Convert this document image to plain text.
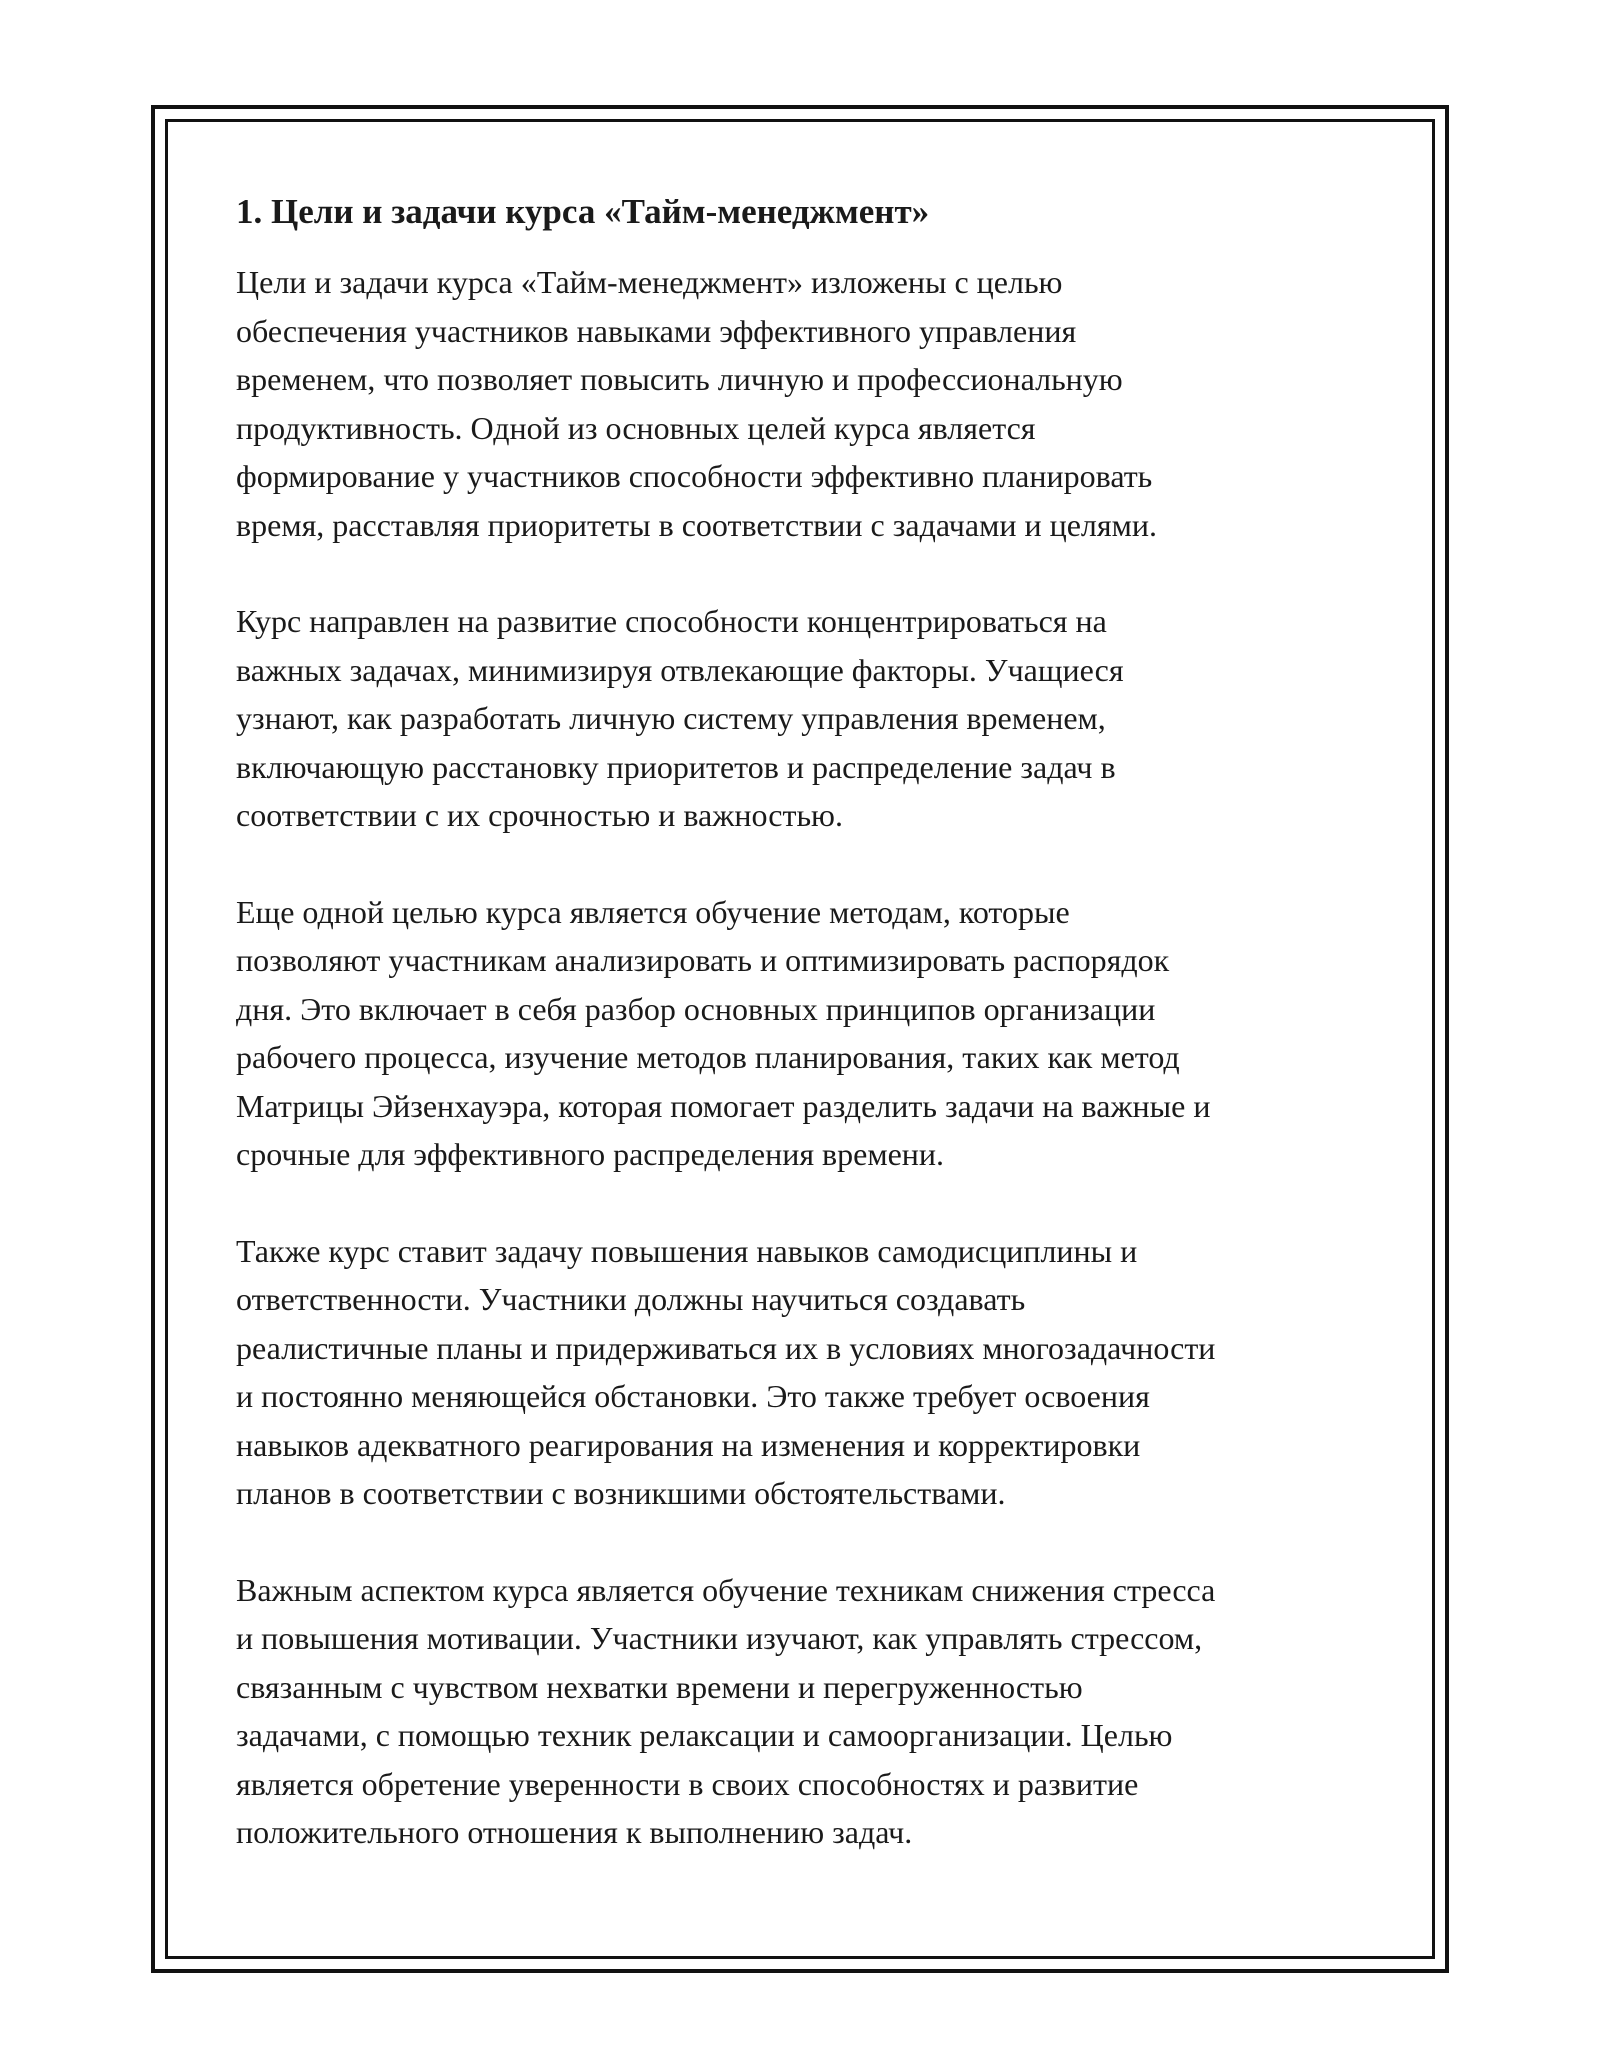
1. Цели и задачи курса «Тайм-менеджмент»

Цели и задачи курса «Тайм-менеджмент» изложены с целью
обеспечения участников навыками эффективного управления
временем, что позволяет повысить личную и профессиональную
продуктивность. Одной из основных целей курса является
формирование у участников способности эффективно планировать
время, расставляя приоритеты в соответствии с задачами и целями.

Курс направлен на развитие способности концентрироваться на
важных задачах, минимизируя отвлекающие факторы. Учащиеся
узнают, как разработать личную систему управления временем,
включающую расстановку приоритетов и распределение задач в
соответствии с их срочностью и важностью.

Еще одной целью курса является обучение методам, которые
позволяют участникам анализировать и оптимизировать распорядок
дня. Это включает в себя разбор основных принципов организации
рабочего процесса, изучение методов планирования, таких как метод
Матрицы Эйзенхауэра, которая помогает разделить задачи на важные и
срочные для эффективного распределения времени.

Также курс ставит задачу повышения навыков самодисциплины и
ответственности. Участники должны научиться создавать
реалистичные планы и придерживаться их в условиях многозадачности
и постоянно меняющейся обстановки. Это также требует освоения
навыков адекватного реагирования на изменения и корректировки
планов в соответствии с возникшими обстоятельствами.

Важным аспектом курса является обучение техникам снижения стресса
и повышения мотивации. Участники изучают, как управлять стрессом,
связанным с чувством нехватки времени и перегруженностью
задачами, с помощью техник релаксации и самоорганизации. Целью
является обретение уверенности в своих способностях и развитие
положительного отношения к выполнению задач.
